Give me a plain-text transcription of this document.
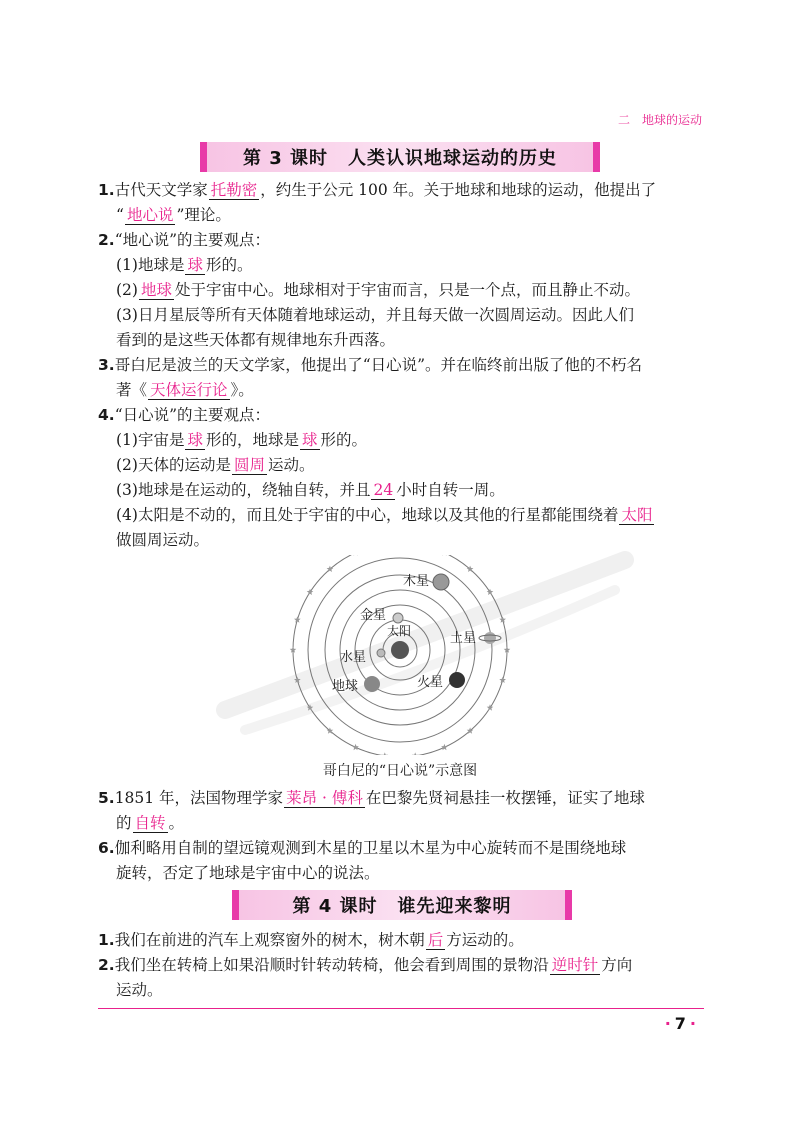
二　地球的运动
第 3 课时 人类认识地球运动的历史
1.古代天文学家 托勒密 ，约生于公元 100 年。关于地球和地球的运动，他提出了
“ 地心说 ”理论。
2.“地心说”的主要观点：
(1)地球是 球 形的。
(2) 地球 处于宇宙中心。地球相对于宇宙而言，只是一个点，而且静止不动。
(3)日月星辰等所有天体随着地球运动，并且每天做一次圆周运动。因此人们
看到的是这些天体都有规律地东升西落。
3.哥白尼是波兰的天文学家，他提出了“日心说”。并在临终前出版了他的不朽名
著《 天体运行论 》。
4.“日心说”的主要观点：
(1)宇宙是 球 形的，地球是 球 形的。
(2)天体的运动是 圆周 运动。
(3)地球是在运动的，绕轴自转，并且 24 小时自转一周。
(4)太阳是不动的，而且处于宇宙的中心，地球以及其他的行星都能围绕着 太阳
做圆周运动。
木星
金星
太阳	土星
水星
地球	火星
哥白尼的“日心说”示意图
5.1851 年，法国物理学家 莱昂 · 傅科 在巴黎先贤祠悬挂一枚摆锤，证实了地球
的 自转 。
6.伽利略用自制的望远镜观测到木星的卫星以木星为中心旋转而不是围绕地球
旋转，否定了地球是宇宙中心的说法。
第 4 课时 谁先迎来黎明
1.我们在前进的汽车上观察窗外的树木，树木朝 后 方运动的。
2.我们坐在转椅上如果沿顺时针转动转椅，他会看到周围的景物沿 逆时针 方向
运动。
· 7 ·
